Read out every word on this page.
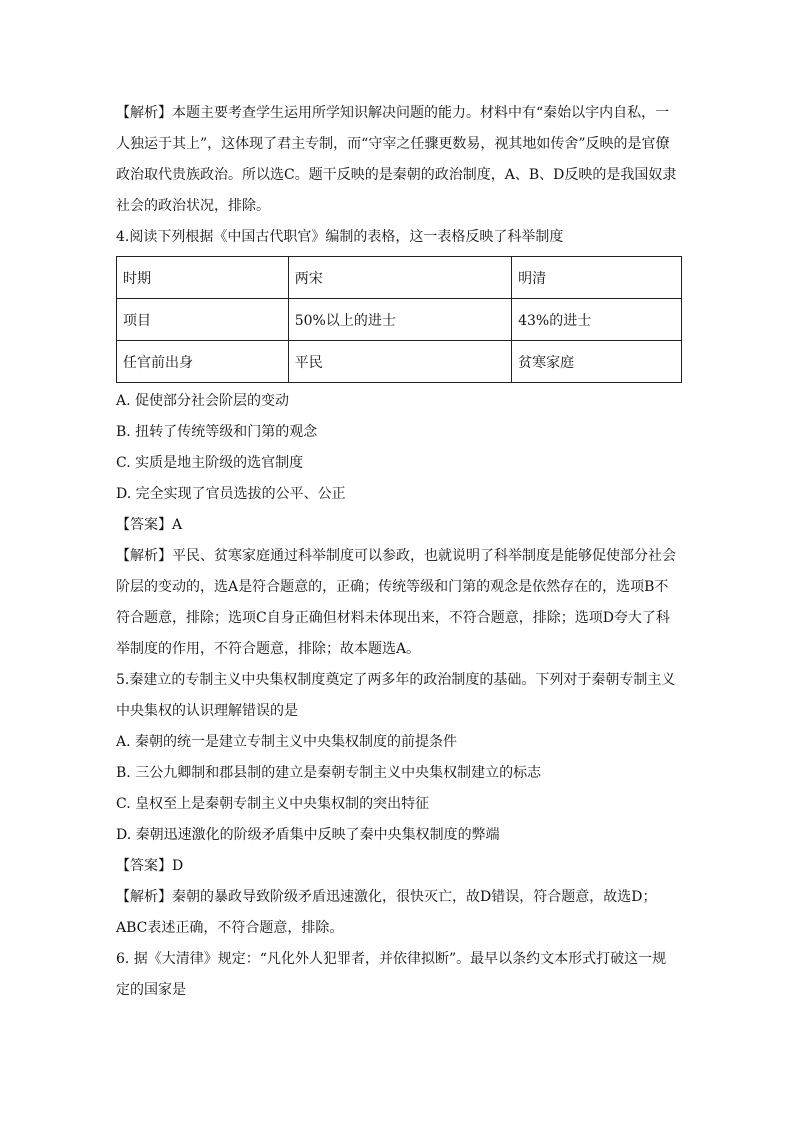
【解析】本题主要考查学生运用所学知识解决问题的能力。材料中有“秦始以宇内自私，一人独运于其上”，这体现了君主专制，而“守宰之任骤更数易，视其地如传舍”反映的是官僚政治取代贵族政治。所以选C。题干反映的是秦朝的政治制度，A、B、D反映的是我国奴隶社会的政治状况，排除。

4.阅读下列根据《中国古代职官》编制的表格，这一表格反映了科举制度

时期	两宋	明清
项目	50%以上的进士	43%的进士
任官前出身	平民	贫寒家庭

A. 促使部分社会阶层的变动

B. 扭转了传统等级和门第的观念

C. 实质是地主阶级的选官制度

D. 完全实现了官员选拔的公平、公正

【答案】A

【解析】平民、贫寒家庭通过科举制度可以参政，也就说明了科举制度是能够促使部分社会阶层的变动的，选A是符合题意的，正确；传统等级和门第的观念是依然存在的，选项B不符合题意，排除；选项C自身正确但材料未体现出来，不符合题意，排除；选项D夸大了科举制度的作用，不符合题意，排除；故本题选A。

5.秦建立的专制主义中央集权制度奠定了两多年的政治制度的基础。下列对于秦朝专制主义中央集权的认识理解错误的是

A. 秦朝的统一是建立专制主义中央集权制度的前提条件

B. 三公九卿制和郡县制的建立是秦朝专制主义中央集权制建立的标志

C. 皇权至上是秦朝专制主义中央集权制的突出特征

D. 秦朝迅速激化的阶级矛盾集中反映了秦中央集权制度的弊端

【答案】D

【解析】秦朝的暴政导致阶级矛盾迅速激化，很快灭亡，故D错误，符合题意，故选D；ABC表述正确，不符合题意，排除。

6. 据《大清律》规定：“凡化外人犯罪者，并依律拟断”。最早以条约文本形式打破这一规定的国家是
